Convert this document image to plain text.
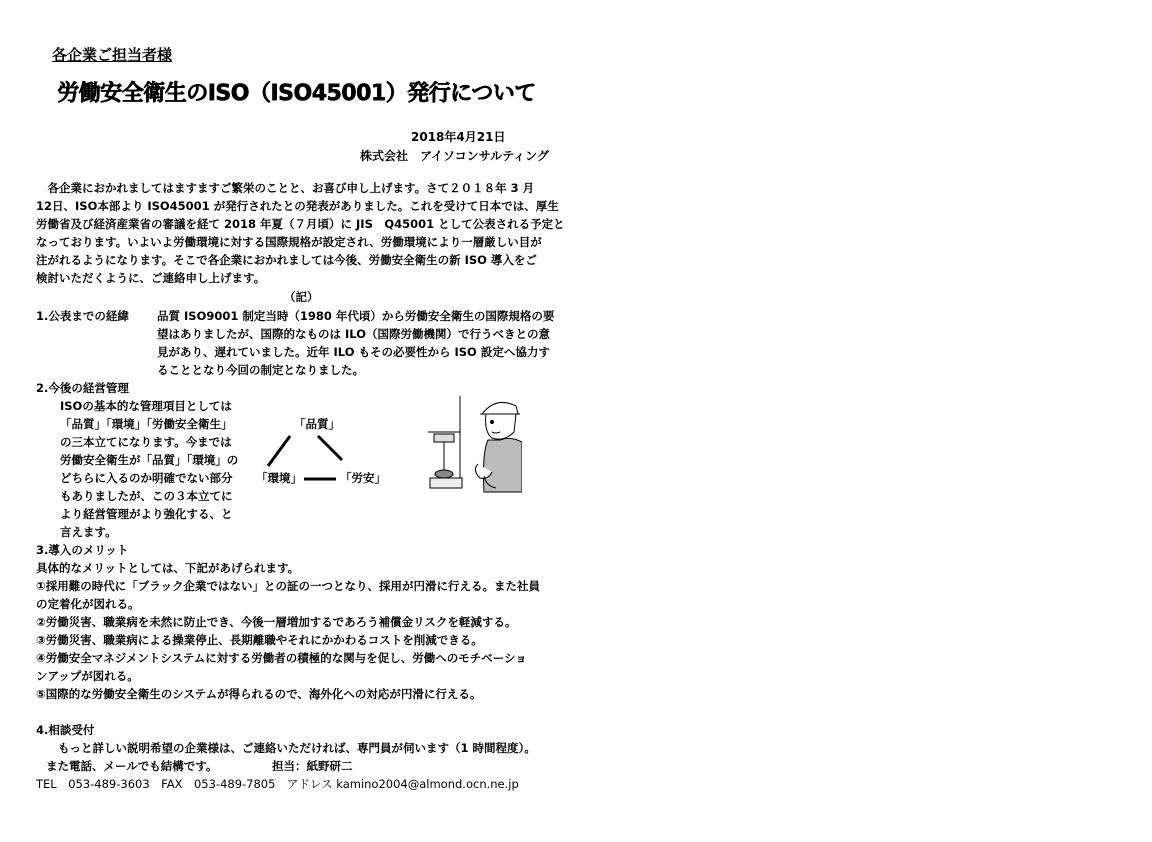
各企業ご担当者様
労働安全衛生のISO（ISO45001）発行について
2018年4月21日
株式会社　アイソコンサルティング
　各企業におかれましてはますますご繁栄のことと、お喜び申し上げます。さて２０１８年 3 月
12日、ISO本部より ISO45001 が発行されたとの発表がありました。これを受けて日本では、厚生
労働省及び経済産業省の審議を経て 2018 年夏（７月頃）に JIS　Q45001 として公表される予定と
なっております。いよいよ労働環境に対する国際規格が設定され、労働環境により一層厳しい目が
注がれるようになります。そこで各企業におかれましては今後、労働安全衛生の新 ISO 導入をご
検討いただくように、ご連絡申し上げます。
（記）
1.公表までの経緯 品質 ISO9001 制定当時（1980 年代頃）から労働安全衛生の国際規格の要
望はありましたが、国際的なものは ILO（国際労働機関）で行うべきとの意
見があり、遅れていました。近年 ILO もその必要性から ISO 設定へ協力す
ることとなり今回の制定となりました。
2.今後の経営管理
ISOの基本的な管理項目としては
「品質」「環境」「労働安全衛生」
の三本立てになります。今までは
労働安全衛生が「品質」「環境」の
どちらに入るのか明確でない部分
もありましたが、この３本立てに
より経営管理がより強化する、と
言えます。
「品質」
「環境」	「労安」
3.導入のメリット
具体的なメリットとしては、下記があげられます。
①採用難の時代に「ブラック企業ではない」との証の一つとなり、採用が円滑に行える。また社員
の定着化が図れる。
②労働災害、職業病を未然に防止でき、今後一層増加するであろう補償金リスクを軽減する。
③労働災害、職業病による操業停止、長期離職やそれにかかわるコストを削減できる。
④労働安全マネジメントシステムに対する労働者の積極的な関与を促し、労働へのモチベーショ
ンアップが図れる。
⑤国際的な労働安全衛生のシステムが得られるので、海外化への対応が円滑に行える。
4.相談受付
もっと詳しい説明希望の企業様は、ご連絡いただければ、専門員が伺います（1 時間程度）。
また電話、メールでも結構です。	担当：紙野研二
TEL　053-489-3603　FAX　053-489-7805　アドレス kamino2004@almond.ocn.ne.jp
